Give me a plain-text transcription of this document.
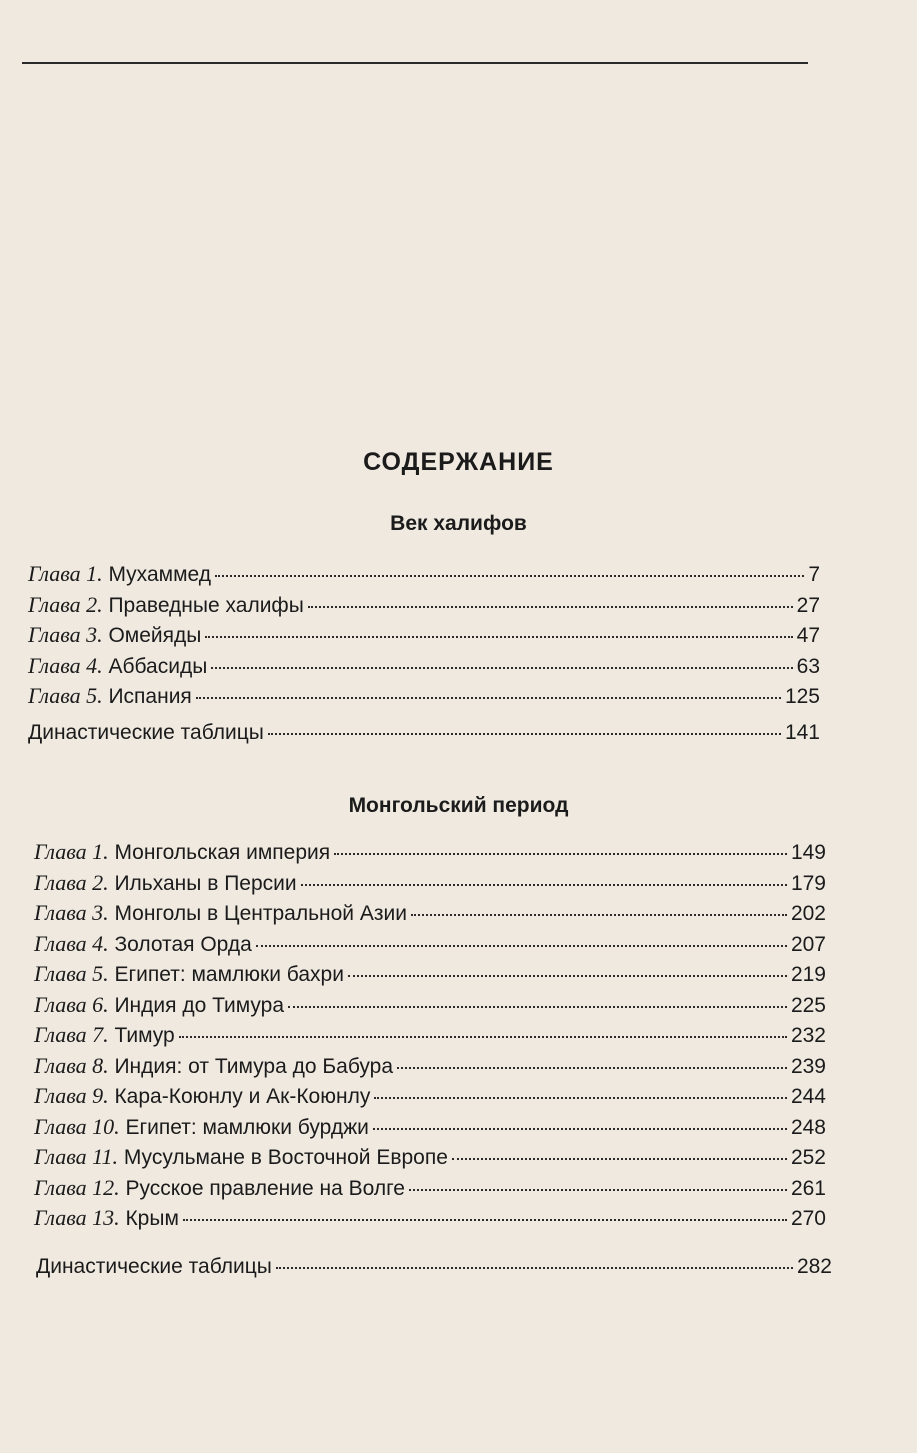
СОДЕРЖАНИЕ
Век халифов
Глава 1. Мухаммед	7
Глава 2. Праведные халифы	27
Глава 3. Омейяды	47
Глава 4. Аббасиды	63
Глава 5. Испания	125
Династические таблицы	141
Монгольский период
Глава 1. Монгольская империя	149
Глава 2. Ильханы в Персии	179
Глава 3. Монголы в Центральной Азии	202
Глава 4. Золотая Орда	207
Глава 5. Египет: мамлюки бахри	219
Глава 6. Индия до Тимура	225
Глава 7. Тимур	232
Глава 8. Индия: от Тимура до Бабура	239
Глава 9. Кара-Коюнлу и Ак-Коюнлу	244
Глава 10. Египет: мамлюки бурджи	248
Глава 11. Мусульмане в Восточной Европе	252
Глава 12. Русское правление на Волге	261
Глава 13. Крым	270
Династические таблицы	282
